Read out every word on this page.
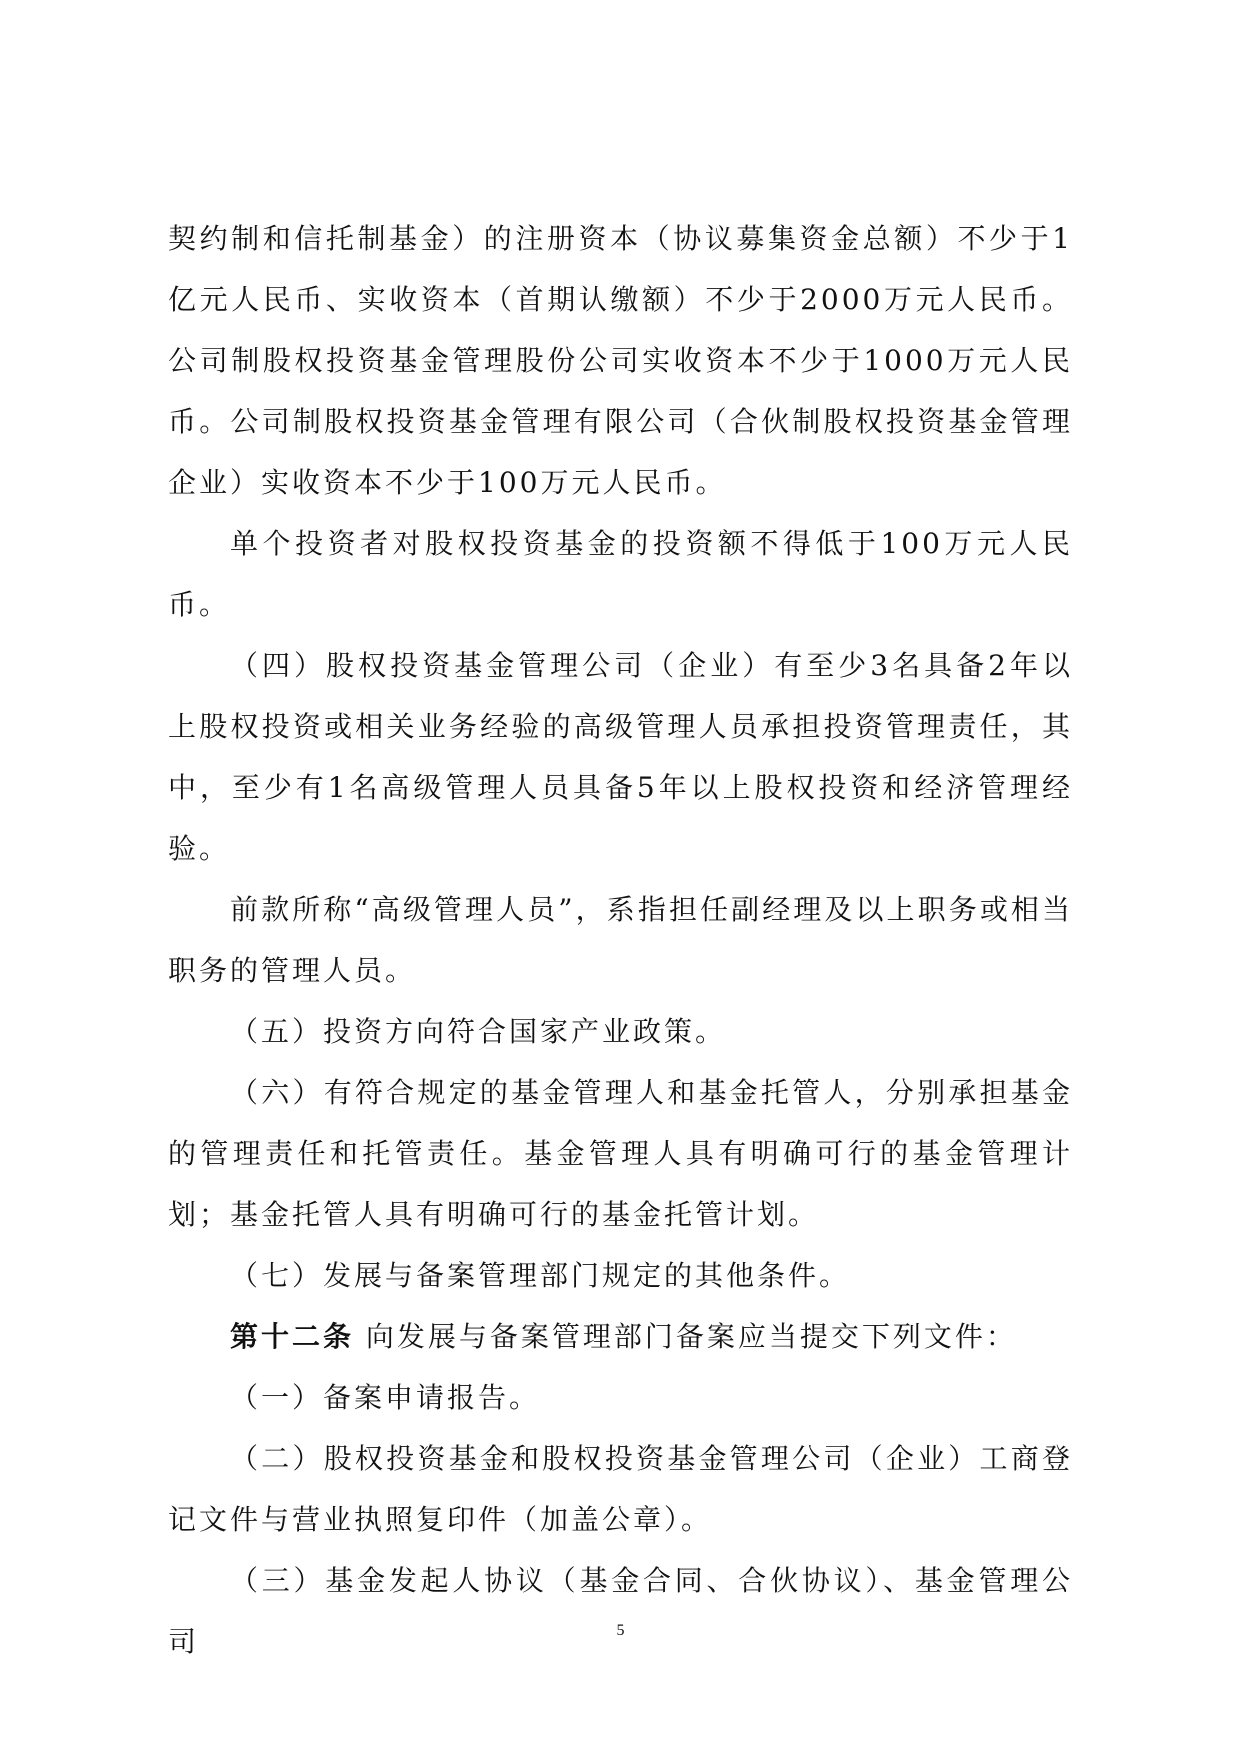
契约制和信托制基金）的注册资本（协议募集资金总额）不少于1亿元人民币、实收资本（首期认缴额）不少于2000万元人民币。公司制股权投资基金管理股份公司实收资本不少于1000万元人民币。公司制股权投资基金管理有限公司（合伙制股权投资基金管理企业）实收资本不少于100万元人民币。

单个投资者对股权投资基金的投资额不得低于100万元人民币。

（四）股权投资基金管理公司（企业）有至少3名具备2年以上股权投资或相关业务经验的高级管理人员承担投资管理责任，其中，至少有1名高级管理人员具备5年以上股权投资和经济管理经验。

前款所称“高级管理人员”，系指担任副经理及以上职务或相当职务的管理人员。

（五）投资方向符合国家产业政策。

（六）有符合规定的基金管理人和基金托管人，分别承担基金的管理责任和托管责任。基金管理人具有明确可行的基金管理计划；基金托管人具有明确可行的基金托管计划。

（七）发展与备案管理部门规定的其他条件。

第十二条 向发展与备案管理部门备案应当提交下列文件：

（一）备案申请报告。

（二）股权投资基金和股权投资基金管理公司（企业）工商登记文件与营业执照复印件（加盖公章）。

（三）基金发起人协议（基金合同、合伙协议）、基金管理公司	5
